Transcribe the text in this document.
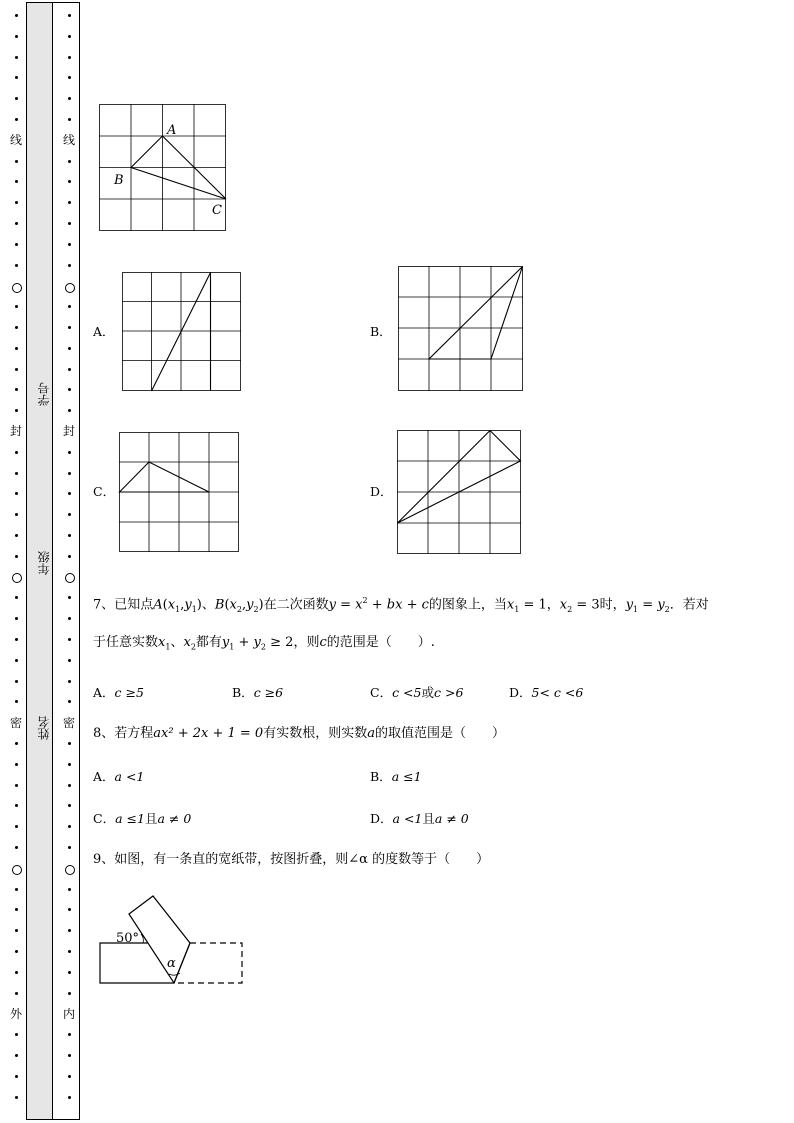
线
封
密
外
线
封
密
内
学号
年级
姓名
A
B
C
A．	B．
C．	D．
7、已知点$A(x_1,y_1)$、$B(x_2,y_2)$在二次函数$y = x^2$ + bx + c的图象上，当$x_1 = 1$，$x_2 = 3$时，$y_1 = y_2$．若对
于任意实数$x_1$、$x_2$都有$y_1 + y_2 \ge 2$，则c的范围是（　　）.
A．c ≥5	B．c ≥6	C．c <5或c >6	D．5< c <6
8、若方程ax² + 2x + 1 = 0有实数根，则实数a的取值范围是（　　）
A．a <1	B．a ≤1
C．a ≤1且a ≠ 0	D．a <1且a ≠ 0
9、如图，有一条直的宽纸带，按图折叠，则∠α 的度数等于（　　）
50°
α
